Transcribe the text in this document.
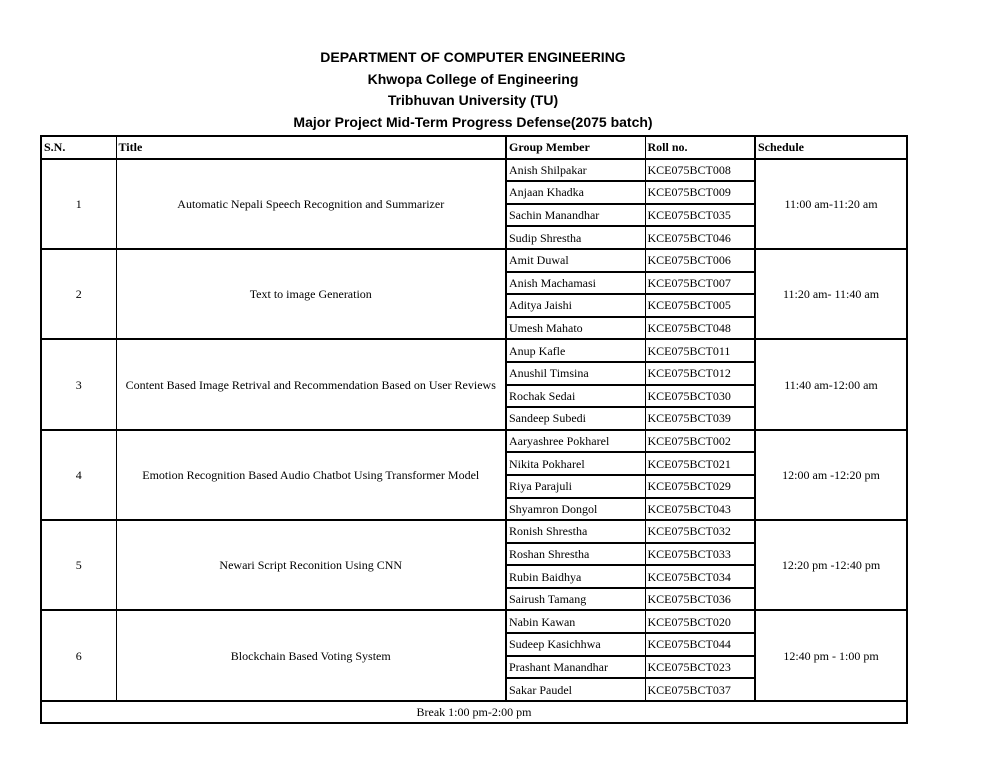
DEPARTMENT OF COMPUTER ENGINEERING
Khwopa College of Engineering
Tribhuvan University (TU)
Major Project Mid-Term Progress Defense(2075 batch)
S.N.	Title	Group Member	Roll no.	Schedule
1	Automatic Nepali Speech Recognition and Summarizer	Anish Shilpakar	KCE075BCT008	11:00 am-11:20 am
		Anjaan Khadka	KCE075BCT009	
		Sachin Manandhar	KCE075BCT035	
		Sudip Shrestha	KCE075BCT046	
2	Text to image Generation	Amit Duwal	KCE075BCT006	11:20 am- 11:40 am
		Anish Machamasi	KCE075BCT007	
		Aditya Jaishi	KCE075BCT005	
		Umesh Mahato	KCE075BCT048	
3	Content Based Image Retrival and Recommendation Based on User Reviews	Anup Kafle	KCE075BCT011	11:40 am-12:00 am
		Anushil Timsina	KCE075BCT012	
		Rochak Sedai	KCE075BCT030	
		Sandeep Subedi	KCE075BCT039	
4	Emotion Recognition Based Audio Chatbot Using Transformer Model	Aaryashree Pokharel	KCE075BCT002	12:00 am -12:20 pm
		Nikita Pokharel	KCE075BCT021	
		Riya Parajuli	KCE075BCT029	
		Shyamron Dongol	KCE075BCT043	
5	Newari Script Reconition Using CNN	Ronish Shrestha	KCE075BCT032	12:20 pm -12:40 pm
		Roshan Shrestha	KCE075BCT033	
		Rubin Baidhya	KCE075BCT034	
		Sairush Tamang	KCE075BCT036	
6	Blockchain Based Voting System	Nabin Kawan	KCE075BCT020	12:40 pm - 1:00 pm
		Sudeep Kasichhwa	KCE075BCT044	
		Prashant Manandhar	KCE075BCT023	
		Sakar Paudel	KCE075BCT037	
Break 1:00 pm-2:00 pm				
